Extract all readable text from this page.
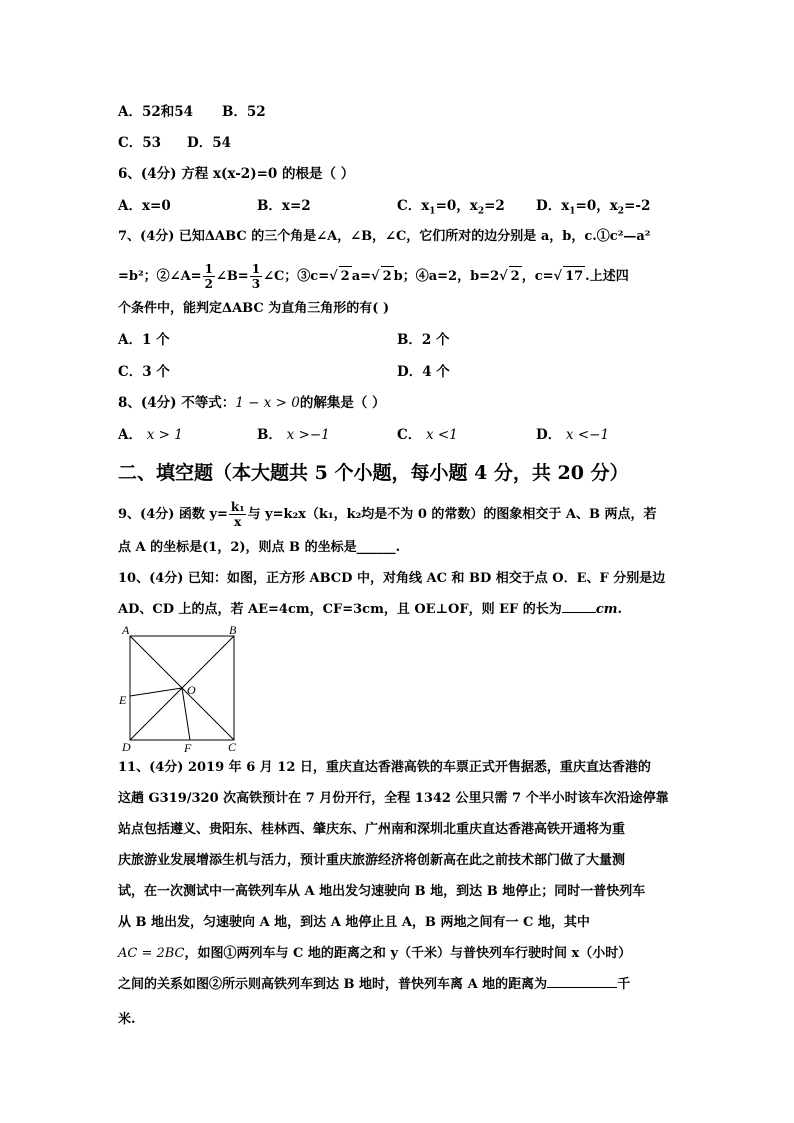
A．52和54 B．52
C．53 D．54
6、(4分) 方程 x(x-2)=0 的根是（ ）
A．x=0	B．x=2	C．$x_1=0$，$x_2=2$ D．$x_1=0$，$x_2=-2$
7、(4分) 已知ΔABC 的三个角是∠A，∠B，∠C，它们所对的边分别是 a，b，c.①c²—a²
=b²；②∠A= $\frac{1}{2}$ ∠B= $\frac{1}{3}$ ∠C；③c=√ 2 a=√ 2 b；④a=2，b=2√ 2 ，c=√ 17 .上述四
个条件中，能判定ΔABC 为直角三角形的有( )
A．1 个	B．2 个
C．3 个	D．4 个
8、(4分) 不等式：1 − x > 0的解集是（ ）
A． x > 1	B． x >−1	C． x <1	D． x <−1
二、填空题（本大题共 5 个小题，每小题 4 分，共 20 分）
9、(4分) 函数 $y= \frac{\text{k₁}}{x}$ 与 y=k₂x（k₁，k₂均是不为 0 的常数）的图象相交于 A、B 两点，若
点 A 的坐标是(1，2)，则点 B 的坐标是______.
10、(4分) 已知：如图，正方形 ABCD 中，对角线 AC 和 BD 相交于点 O．E、F 分别是边
AD、CD 上的点，若 AE=4cm，CF=3cm，且 OE⊥OF，则 EF 的长为	cm.
A	B
C
D
E
F
O
11、(4分) 2019 年 6 月 12 日，重庆直达香港高铁的车票正式开售据悉，重庆直达香港的
这趟 G319/320 次高铁预计在 7 月份开行，全程 1342 公里只需 7 个半小时该车次沿途停靠
站点包括遵义、贵阳东、桂林西、肇庆东、广州南和深圳北重庆直达香港高铁开通将为重
庆旅游业发展增添生机与活力，预计重庆旅游经济将创新高在此之前技术部门做了大量测
试，在一次测试中一高铁列车从 A 地出发匀速驶向 B 地，到达 B 地停止；同时一普快列车
从 B 地出发，匀速驶向 A 地，到达 A 地停止且 A，B 两地之间有一 C 地，其中
AC = 2BC，如图①两列车与 C 地的距离之和 y（千米）与普快列车行驶时间 x（小时）
之间的关系如图②所示则高铁列车到达 B 地时，普快列车离 A 地的距离为	千
米.
